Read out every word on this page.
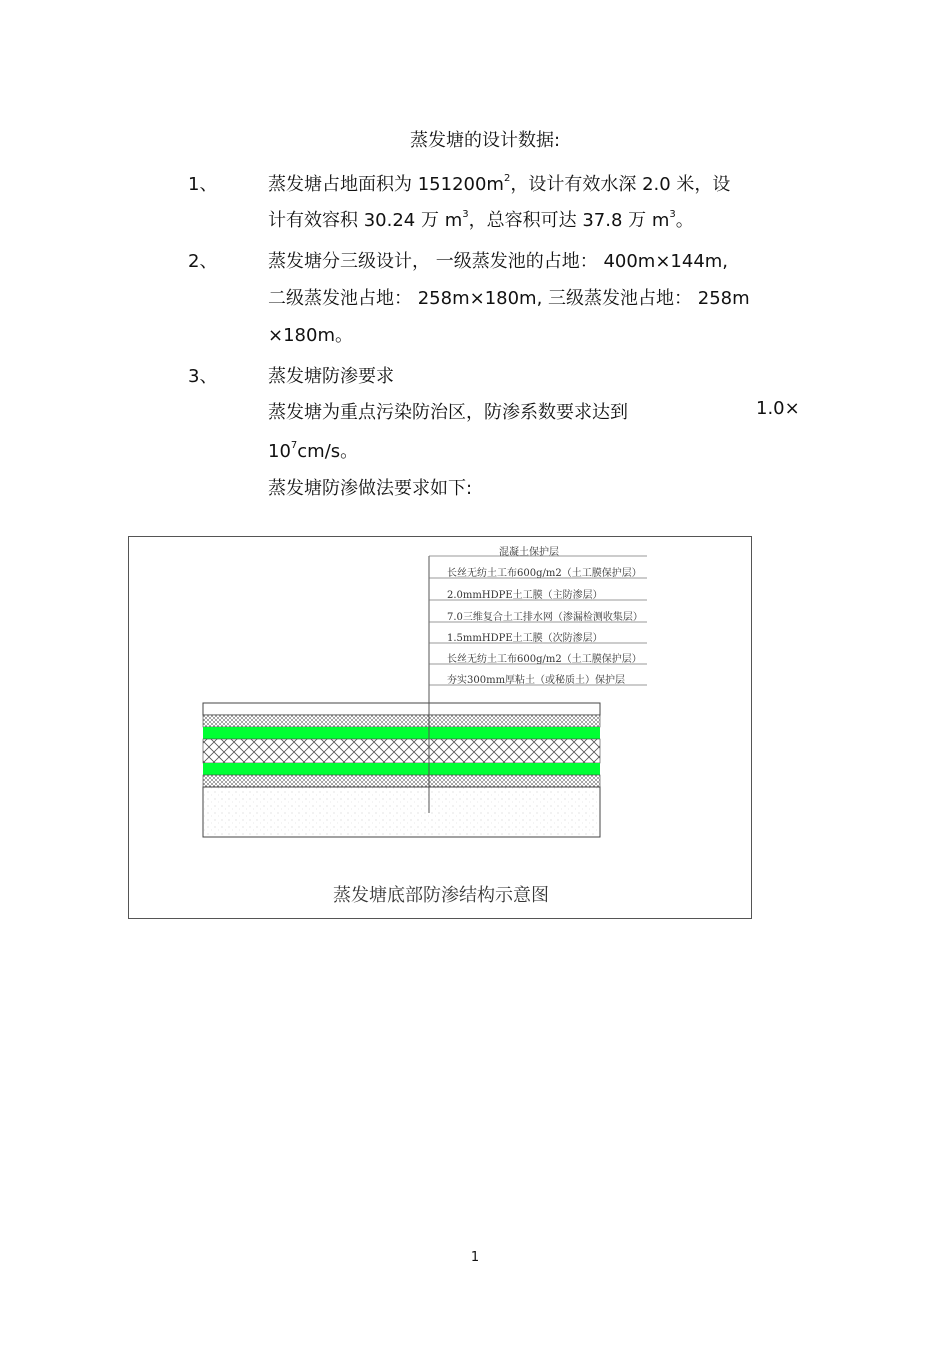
蒸发塘的设计数据:
1、	蒸发塘占地面积为 $151200m^2$，设计有效水深 2.0 米，设
计有效容积 30.24 万 $m^3$，总容积可达 37.8 万 $m^3$。
2、	蒸发塘分三级设计， 一级蒸发池的占地： 400m×144m,
二级蒸发池占地： 258m×180m, 三级蒸发池占地： 258m
×180m。
3、	蒸发塘防渗要求
蒸发塘为重点污染防治区，防渗系数要求达到	1.0×
$10^7cm/s$。
蒸发塘防渗做法要求如下:
混凝土保护层
长丝无纺土工布600g/m2（土工膜保护层）
2.0mmHDPE土工膜（主防渗层）
7.0三维复合土工排水网（渗漏检测收集层）
1.5mmHDPE土工膜（次防渗层）
长丝无纺土工布600g/m2（土工膜保护层）
夯实300mm厚粘土（或秘质土）保护层
蒸发塘底部防渗结构示意图
1
